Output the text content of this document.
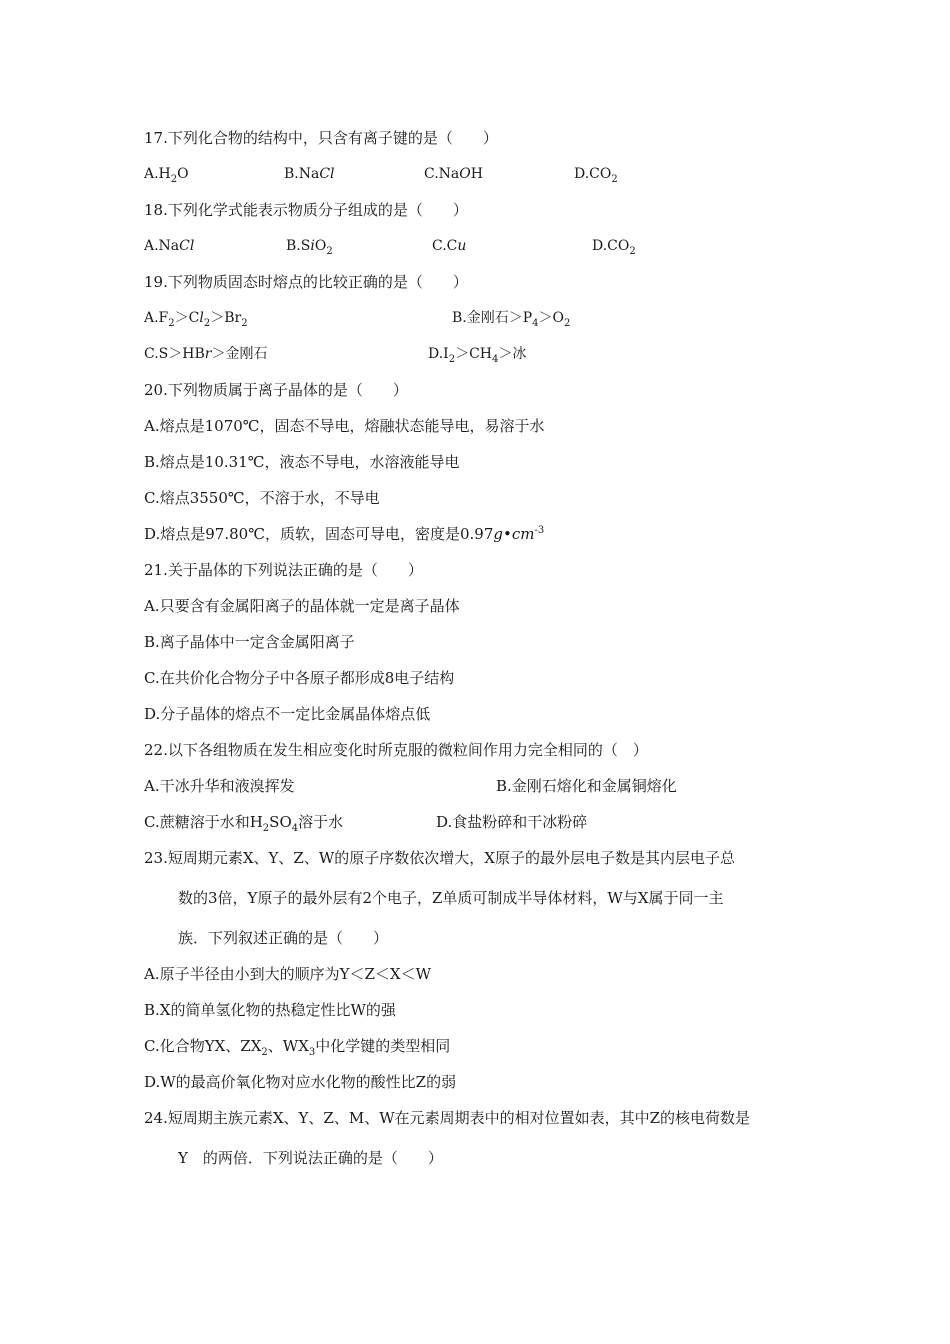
17.下列化合物的结构中，只含有离子键的是（　　）
$A.H_2O$	B.NaCl	C.NaOH	$D.CO_2$
18.下列化学式能表示物质分子组成的是（　　）
A.NaCl	B.SiO$_2$	C.Cu	$D.CO_2$
19.下列物质固态时熔点的比较正确的是（　　）
$A.F_2>Cl_2>Br_2$	B.金刚石$>P_4>O_2$
C.S＞HBr＞金刚石	$D.I_2>CH_4>$冰
20.下列物质属于离子晶体的是（　　）
A.熔点是1070℃，固态不导电，熔融状态能导电，易溶于水
B.熔点是10.31℃，液态不导电，水溶液能导电
C.熔点3550℃，不溶于水，不导电
D.熔点是97.80℃，质软，固态可导电，密度是$0.97g•cm^{-3}$
21.关于晶体的下列说法正确的是（　　）
A.只要含有金属阳离子的晶体就一定是离子晶体
B.离子晶体中一定含金属阳离子
C.在共价化合物分子中各原子都形成8电子结构
D.分子晶体的熔点不一定比金属晶体熔点低
22.以下各组物质在发生相应变化时所克服的微粒间作用力完全相同的（　）
A.干冰升华和液溴挥发	B.金刚石熔化和金属铜熔化
C.蔗糖溶于水和$H_2SO_4$溶于水	D.食盐粉碎和干冰粉碎
23.短周期元素X、Y、Z、W的原子序数依次增大，X原子的最外层电子数是其内层电子总
数的3倍，Y原子的最外层有2个电子，Z单质可制成半导体材料，W与X属于同一主
族．下列叙述正确的是（　　）
A.原子半径由小到大的顺序为Y＜Z＜X＜W
B.X的简单氢化物的热稳定性比W的强
C.化合物YX、$ZX_2$、$WX_3$中化学键的类型相同
D.W的最高价氧化物对应水化物的酸性比Z的弱
24.短周期主族元素X、Y、Z、M、W在元素周期表中的相对位置如表，其中Z的核电荷数是
Y　的两倍．下列说法正确的是（　　）
